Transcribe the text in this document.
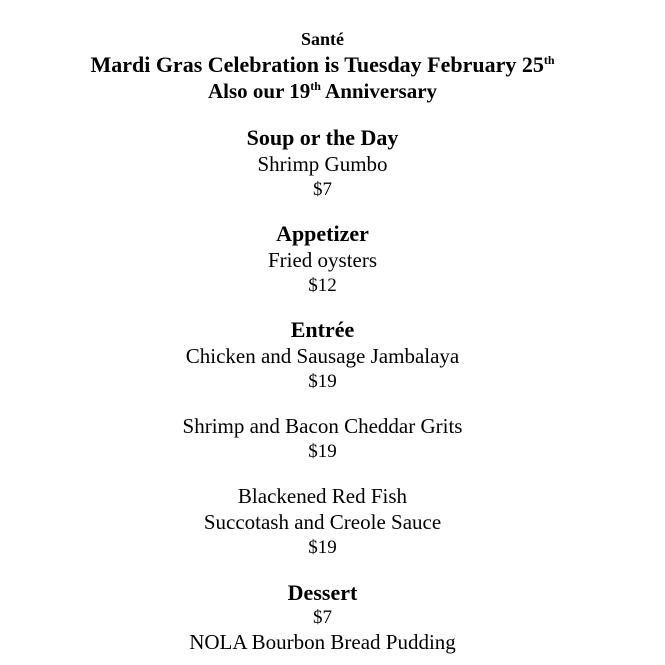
Santé
Mardi Gras Celebration is Tuesday February 25th
Also our 19th Anniversary
Soup or the Day
Shrimp Gumbo
$7
Appetizer
Fried oysters
$12
Entrée
Chicken and Sausage Jambalaya
$19
Shrimp and Bacon Cheddar Grits
$19
Blackened Red Fish
Succotash and Creole Sauce
$19
Dessert
$7
NOLA Bourbon Bread Pudding
